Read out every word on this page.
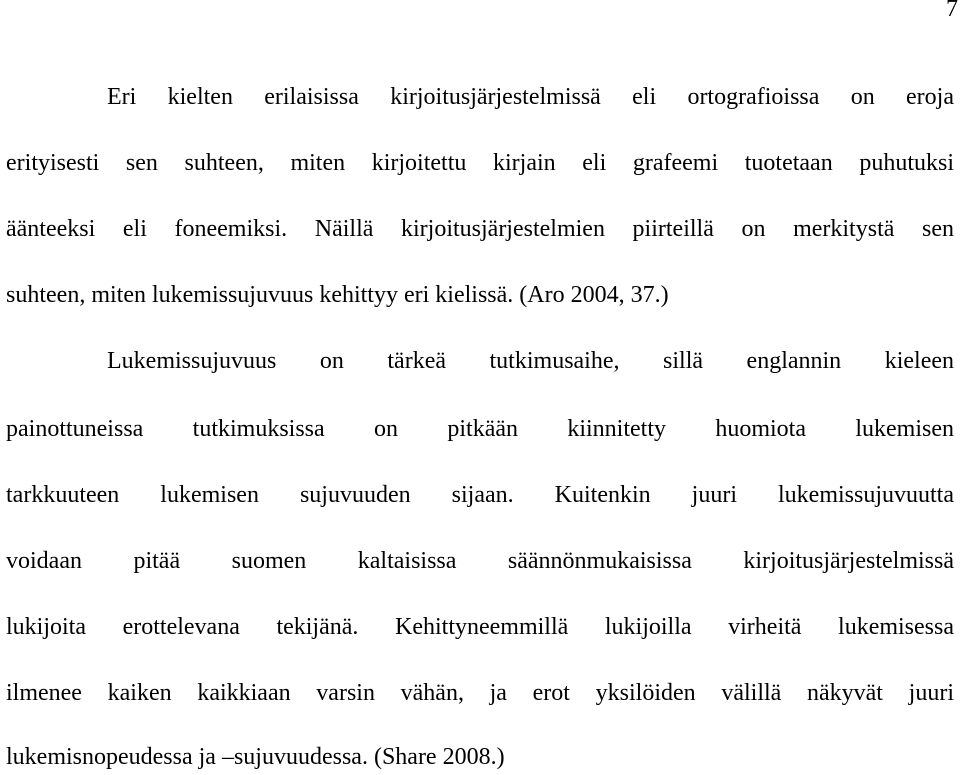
7
Eri kielten erilaisissa kirjoitusjärjestelmissä eli ortografioissa on eroja
erityisesti sen suhteen, miten kirjoitettu kirjain eli grafeemi tuotetaan puhutuksi
äänteeksi eli foneemiksi. Näillä kirjoitusjärjestelmien piirteillä on merkitystä sen
suhteen, miten lukemissujuvuus kehittyy eri kielissä. (Aro 2004, 37.)
Lukemissujuvuus on tärkeä tutkimusaihe, sillä englannin kieleen
painottuneissa tutkimuksissa on pitkään kiinnitetty huomiota lukemisen
tarkkuuteen lukemisen sujuvuuden sijaan. Kuitenkin juuri lukemissujuvuutta
voidaan pitää suomen kaltaisissa säännönmukaisissa kirjoitusjärjestelmissä
lukijoita erottelevana tekijänä. Kehittyneemmillä lukijoilla virheitä lukemisessa
ilmenee kaiken kaikkiaan varsin vähän, ja erot yksilöiden välillä näkyvät juuri
lukemisnopeudessa ja –sujuvuudessa. (Share 2008.)
